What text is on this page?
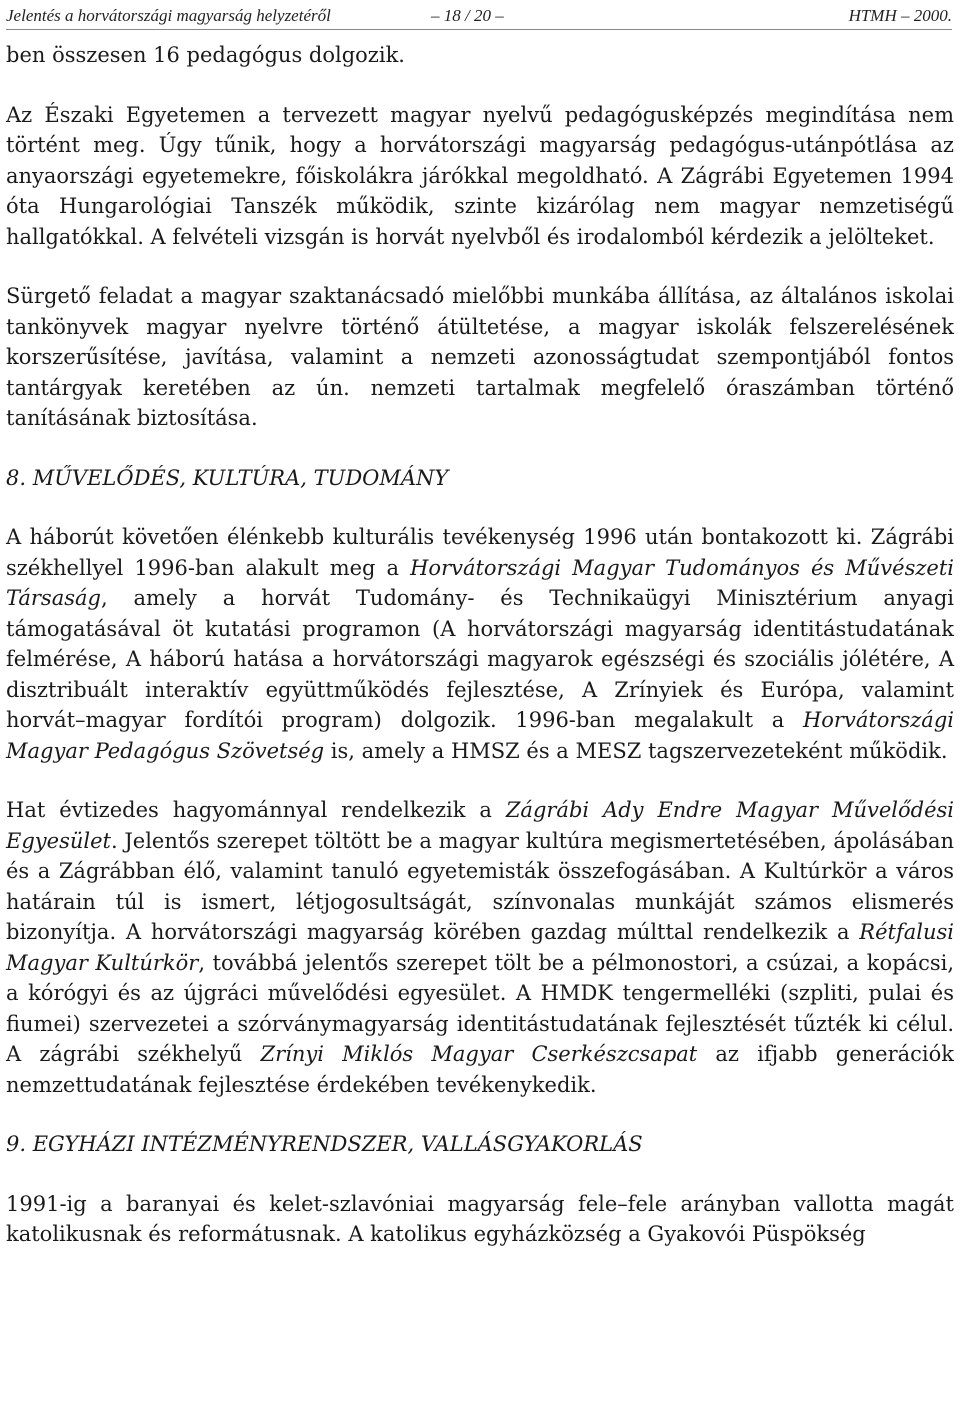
Jelentés a horvátországi magyarság helyzetéről	– 18 / 20 –	HTMH – 2000.

ben összesen 16 pedagógus dolgozik.

Az Északi Egyetemen a tervezett magyar nyelvű pedagógusképzés megindítása nem történt meg. Úgy tűnik, hogy a horvátországi magyarság pedagógus-utánpótlása az anyaországi egyetemekre, főiskolákra járókkal megoldható. A Zágrábi Egyetemen 1994 óta Hungarológiai Tanszék működik, szinte kizárólag nem magyar nemzetiségű hallgatókkal. A felvételi vizsgán is horvát nyelvből és irodalomból kérdezik a jelölteket.

Sürgető feladat a magyar szaktanácsadó mielőbbi munkába állítása, az általános iskolai tankönyvek magyar nyelvre történő átültetése, a magyar iskolák felszerelésének korszerűsítése, javítása, valamint a nemzeti azonosságtudat szempontjából fontos tantárgyak keretében az ún. nemzeti tartalmak megfelelő óraszámban történő tanításának biztosítása.

8. MŰVELŐDÉS, KULTÚRA, TUDOMÁNY

A háborút követően élénkebb kulturális tevékenység 1996 után bontakozott ki. Zágrábi székhellyel 1996-ban alakult meg a Horvátországi Magyar Tudományos és Művészeti Társaság, amely a horvát Tudomány- és Technikaügyi Minisztérium anyagi támogatásával öt kutatási programon (A horvátországi magyarság identitástudatának felmérése, A háború hatása a horvátországi magyarok egészségi és szociális jólétére, A disztribuált interaktív együttműködés fejlesztése, A Zrínyiek és Európa, valamint horvát–magyar fordítói program) dolgozik. 1996-ban megalakult a Horvátországi Magyar Pedagógus Szövetség is, amely a HMSZ és a MESZ tagszervezeteként működik.

Hat évtizedes hagyománnyal rendelkezik a Zágrábi Ady Endre Magyar Művelődési Egyesület. Jelentős szerepet töltött be a magyar kultúra megismertetésében, ápolásában és a Zágrábban élő, valamint tanuló egyetemisták összefogásában. A Kultúrkör a város határain túl is ismert, létjogosultságát, színvonalas munkáját számos elismerés bizonyítja. A horvátországi magyarság körében gazdag múlttal rendelkezik a Rétfalusi Magyar Kultúrkör, továbbá jelentős szerepet tölt be a pélmonostori, a csúzai, a kopácsi, a kórógyi és az újgráci művelődési egyesület. A HMDK tengermelléki (szpliti, pulai és fiumei) szervezetei a szórványmagyarság identitástudatának fejlesztését tűzték ki célul. A zágrábi székhelyű Zrínyi Miklós Magyar Cserkészcsapat az ifjabb generációk nemzettudatának fejlesztése érdekében tevékenykedik.

9. EGYHÁZI INTÉZMÉNYRENDSZER, VALLÁSGYAKORLÁS

1991-ig a baranyai és kelet-szlavóniai magyarság fele–fele arányban vallotta magát katolikusnak és reformátusnak. A katolikus egyházközség a Gyakovói Püspökség
